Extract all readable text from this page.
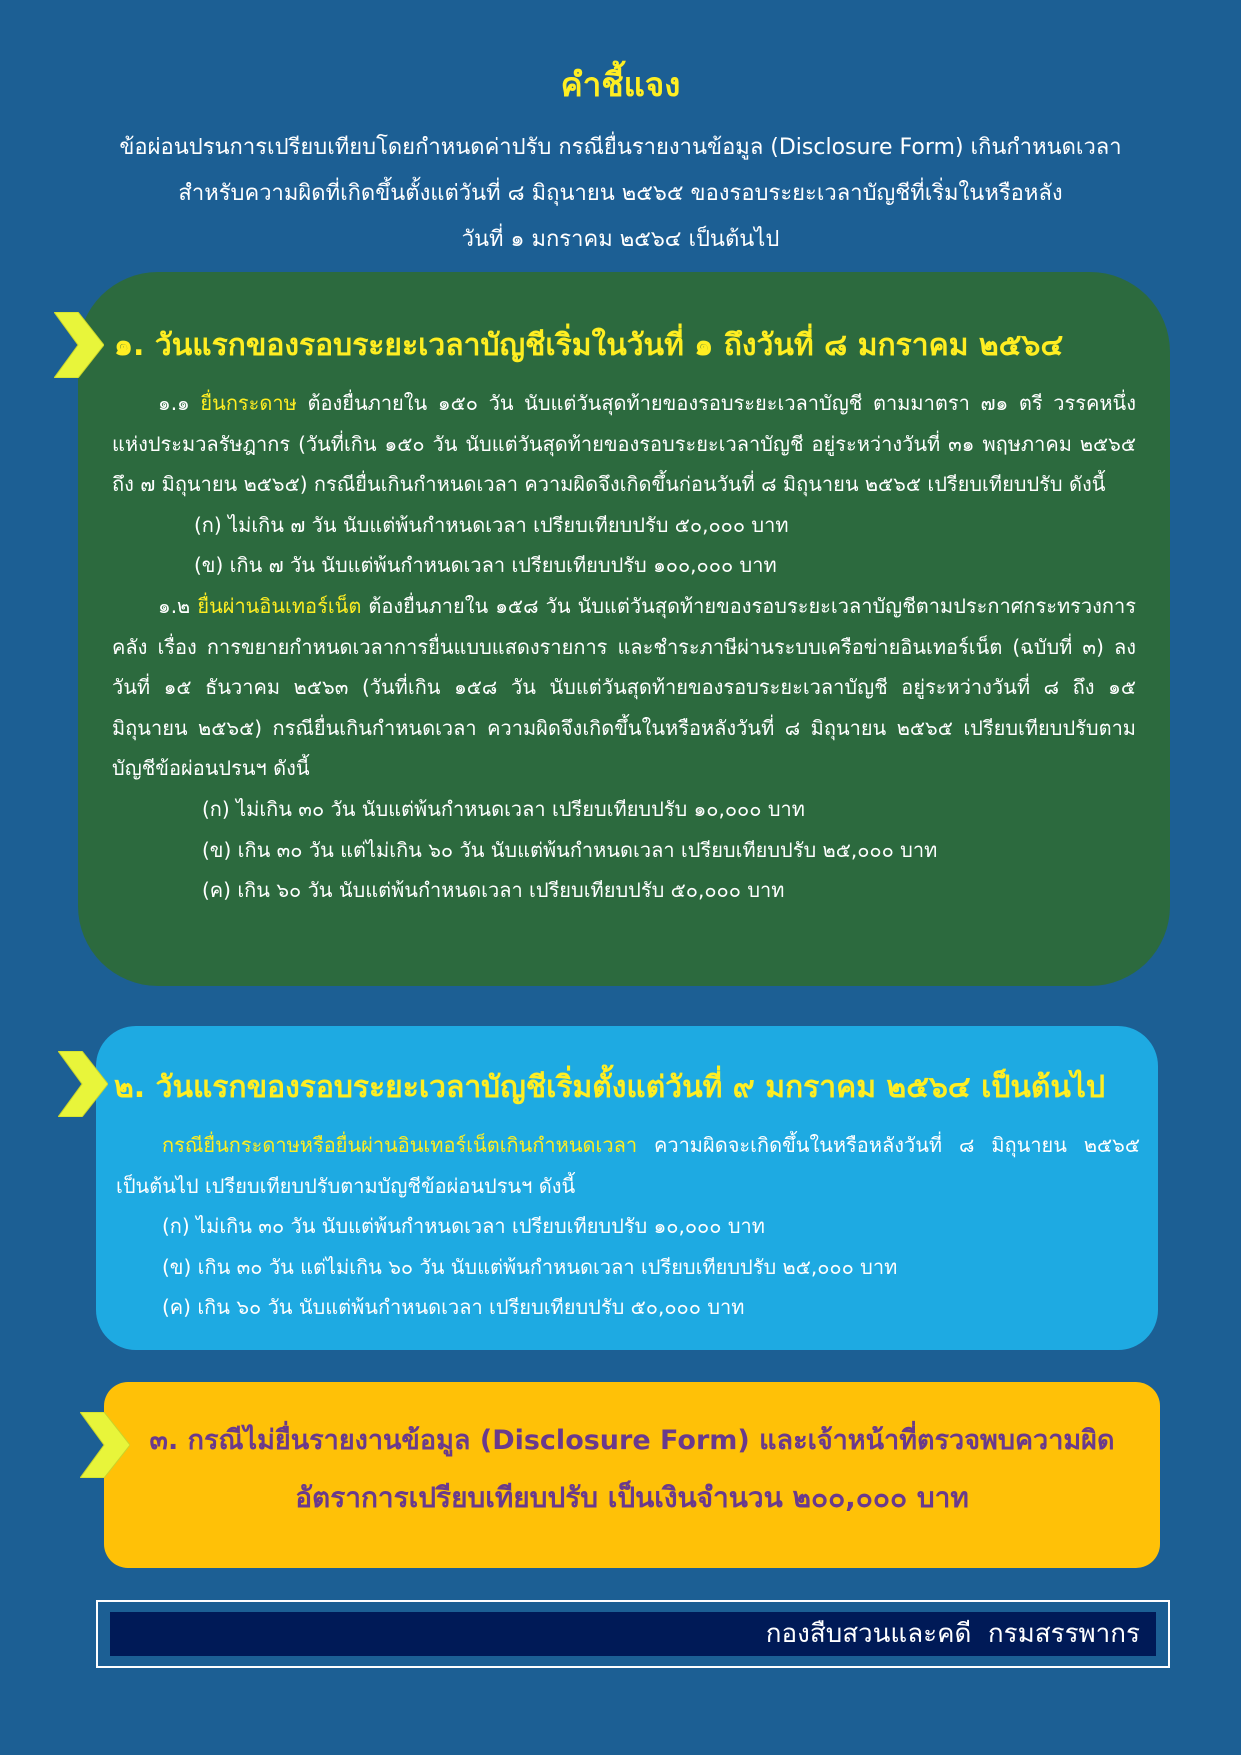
คำชี้แจง

ข้อผ่อนปรนการเปรียบเทียบโดยกำหนดค่าปรับ กรณียื่นรายงานข้อมูล (Disclosure Form) เกินกำหนดเวลา

สำหรับความผิดที่เกิดขึ้นตั้งแต่วันที่ ๘ มิถุนายน ๒๕๖๕ ของรอบระยะเวลาบัญชีที่เริ่มในหรือหลัง

วันที่ ๑ มกราคม ๒๕๖๔ เป็นต้นไป

๑. วันแรกของรอบระยะเวลาบัญชีเริ่มในวันที่ ๑ ถึงวันที่ ๘ มกราคม ๒๕๖๔

๑.๑ ยื่นกระดาษ ต้องยื่นภายใน ๑๕๐ วัน นับแต่วันสุดท้ายของรอบระยะเวลาบัญชี ตามมาตรา ๗๑ ตรี วรรคหนึ่ง แห่งประมวลรัษฎากร (วันที่เกิน ๑๕๐ วัน นับแต่วันสุดท้ายของรอบระยะเวลาบัญชี อยู่ระหว่างวันที่ ๓๑ พฤษภาคม ๒๕๖๕ ถึง ๗ มิถุนายน ๒๕๖๕) กรณียื่นเกินกำหนดเวลา ความผิดจึงเกิดขึ้นก่อนวันที่ ๘ มิถุนายน ๒๕๖๕ เปรียบเทียบปรับ ดังนี้

(ก) ไม่เกิน ๗ วัน นับแต่พ้นกำหนดเวลา เปรียบเทียบปรับ ๕๐,๐๐๐ บาท

(ข) เกิน ๗ วัน นับแต่พ้นกำหนดเวลา เปรียบเทียบปรับ ๑๐๐,๐๐๐ บาท

๑.๒ ยื่นผ่านอินเทอร์เน็ต ต้องยื่นภายใน ๑๕๘ วัน นับแต่วันสุดท้ายของรอบระยะเวลาบัญชีตามประกาศกระทรวงการคลัง เรื่อง การขยายกำหนดเวลาการยื่นแบบแสดงรายการ และชำระภาษีผ่านระบบเครือข่ายอินเทอร์เน็ต (ฉบับที่ ๓) ลงวันที่ ๑๕ ธันวาคม ๒๕๖๓ (วันที่เกิน ๑๕๘ วัน นับแต่วันสุดท้ายของรอบระยะเวลาบัญชี อยู่ระหว่างวันที่ ๘ ถึง ๑๕ มิถุนายน ๒๕๖๕) กรณียื่นเกินกำหนดเวลา ความผิดจึงเกิดขึ้นในหรือหลังวันที่ ๘ มิถุนายน ๒๕๖๕ เปรียบเทียบปรับตามบัญชีข้อผ่อนปรนฯ ดังนี้

(ก) ไม่เกิน ๓๐ วัน นับแต่พ้นกำหนดเวลา เปรียบเทียบปรับ ๑๐,๐๐๐ บาท

(ข) เกิน ๓๐ วัน แต่ไม่เกิน ๖๐ วัน นับแต่พ้นกำหนดเวลา เปรียบเทียบปรับ ๒๕,๐๐๐ บาท

(ค) เกิน ๖๐ วัน นับแต่พ้นกำหนดเวลา เปรียบเทียบปรับ ๕๐,๐๐๐ บาท

๒. วันแรกของรอบระยะเวลาบัญชีเริ่มตั้งแต่วันที่ ๙ มกราคม ๒๕๖๔ เป็นต้นไป

กรณียื่นกระดาษหรือยื่นผ่านอินเทอร์เน็ตเกินกำหนดเวลา ความผิดจะเกิดขึ้นในหรือหลังวันที่ ๘ มิถุนายน ๒๕๖๕ เป็นต้นไป เปรียบเทียบปรับตามบัญชีข้อผ่อนปรนฯ ดังนี้

(ก) ไม่เกิน ๓๐ วัน นับแต่พ้นกำหนดเวลา เปรียบเทียบปรับ ๑๐,๐๐๐ บาท

(ข) เกิน ๓๐ วัน แต่ไม่เกิน ๖๐ วัน นับแต่พ้นกำหนดเวลา เปรียบเทียบปรับ ๒๕,๐๐๐ บาท

(ค) เกิน ๖๐ วัน นับแต่พ้นกำหนดเวลา เปรียบเทียบปรับ ๕๐,๐๐๐ บาท

๓. กรณีไม่ยื่นรายงานข้อมูล (Disclosure Form) และเจ้าหน้าที่ตรวจพบความผิด

อัตราการเปรียบเทียบปรับ เป็นเงินจำนวน ๒๐๐,๐๐๐ บาท

กองสืบสวนและคดี  กรมสรรพากร
